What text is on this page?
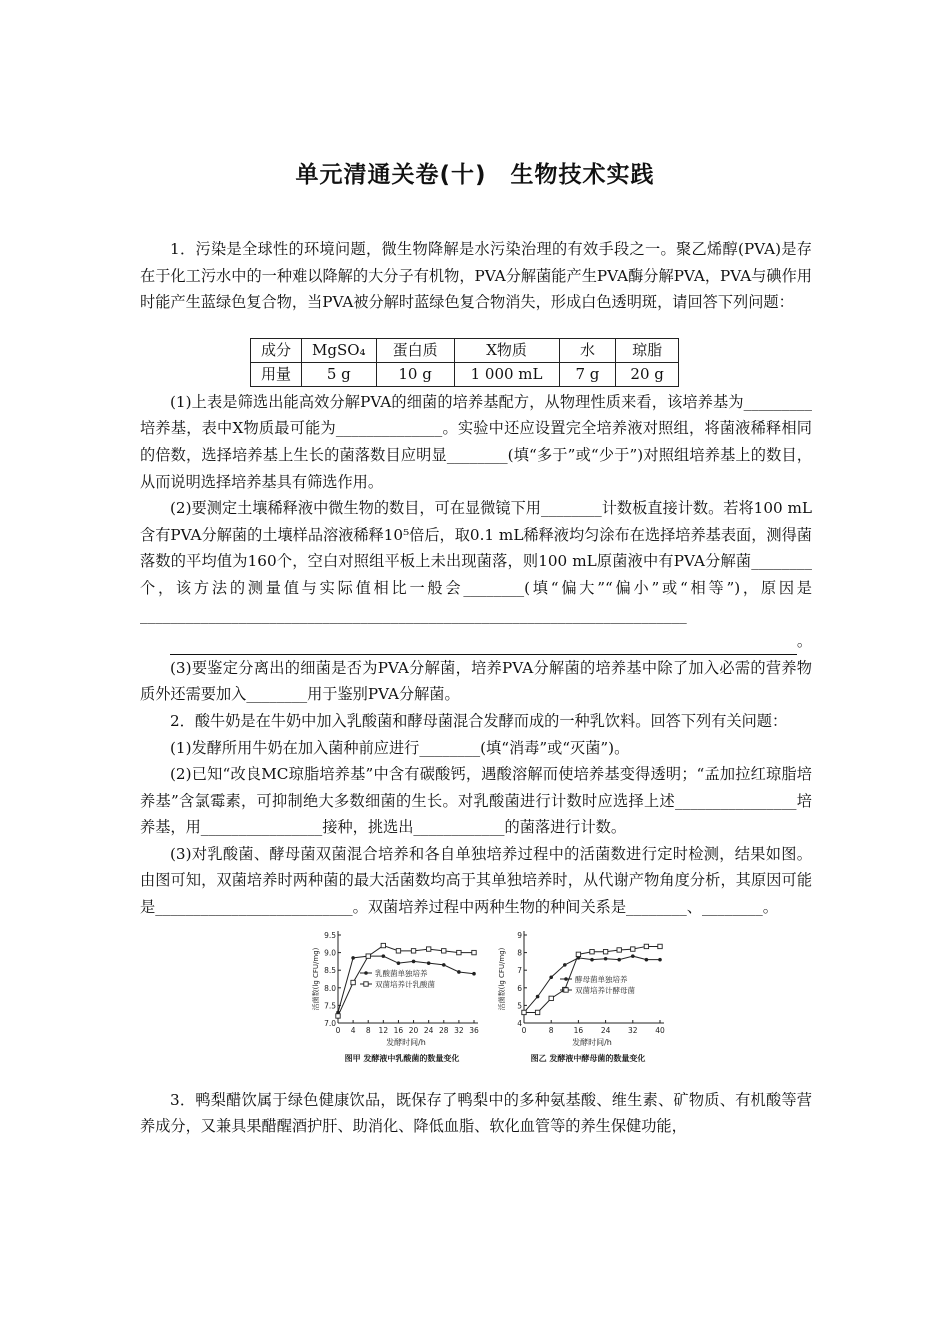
单元清通关卷(十)　生物技术实践

1．污染是全球性的环境问题，微生物降解是水污染治理的有效手段之一。聚乙烯醇(PVA)是存在于化工污水中的一种难以降解的大分子有机物，PVA分解菌能产生PVA酶分解PVA，PVA与碘作用时能产生蓝绿色复合物，当PVA被分解时蓝绿色复合物消失，形成白色透明斑，请回答下列问题：

成分	MgSO₄	蛋白质	X物质	水	琼脂
用量	5 g	10 g	1 000 mL	7 g	20 g

(1)上表是筛选出能高效分解PVA的细菌的培养基配方，从物理性质来看，该培养基为_________培养基，表中X物质最可能为______________。实验中还应设置完全培养液对照组，将菌液稀释相同的倍数，选择培养基上生长的菌落数目应明显________(填“多于”或“少于”)对照组培养基上的数目，从而说明选择培养基具有筛选作用。

(2)要测定土壤稀释液中微生物的数目，可在显微镜下用________计数板直接计数。若将100 mL含有PVA分解菌的土壤样品溶液稀释10⁵倍后，取0.1 mL稀释液均匀涂布在选择培养基表面，测得菌落数的平均值为160个，空白对照组平板上未出现菌落，则100 mL原菌液中有PVA分解菌________个，该方法的测量值与实际值相比一般会________(填“偏大”“偏小”或“相等”)，原因是________________________________________________________________________

。

(3)要鉴定分离出的细菌是否为PVA分解菌，培养PVA分解菌的培养基中除了加入必需的营养物质外还需要加入________用于鉴别PVA分解菌。

2．酸牛奶是在牛奶中加入乳酸菌和酵母菌混合发酵而成的一种乳饮料。回答下列有关问题：

(1)发酵所用牛奶在加入菌种前应进行________(填“消毒”或“灭菌”)。

(2)已知“改良MC琼脂培养基”中含有碳酸钙，遇酸溶解而使培养基变得透明；“孟加拉红琼脂培养基”含氯霉素，可抑制绝大多数细菌的生长。对乳酸菌进行计数时应选择上述________________培养基，用________________接种，挑选出____________的菌落进行计数。

(3)对乳酸菌、酵母菌双菌混合培养和各自单独培养过程中的活菌数进行定时检测，结果如图。由图可知，双菌培养时两种菌的最大活菌数均高于其单独培养时，从代谢产物角度分析，其原因可能是__________________________。双菌培养过程中两种生物的种间关系是________、________。

7.0
7.5
8.0
8.5
9.0
9.5
0 4 8 12 16 20 24 28 32 36
活菌数(lg CFU/mg)
发酵时间/h
图甲 发酵液中乳酸菌的数量变化
乳酸菌单独培养
双菌培养计乳酸菌
4
5
6
7
8
9
0	8	16 24 32 40
活菌数(lg CFU/mg)
发酵时间/h
图乙 发酵液中酵母菌的数量变化
酵母菌单独培养
双菌培养计酵母菌

3．鸭梨醋饮属于绿色健康饮品，既保存了鸭梨中的多种氨基酸、维生素、矿物质、有机酸等营养成分，又兼具果醋醒酒护肝、助消化、降低血脂、软化血管等的养生保健功能，
